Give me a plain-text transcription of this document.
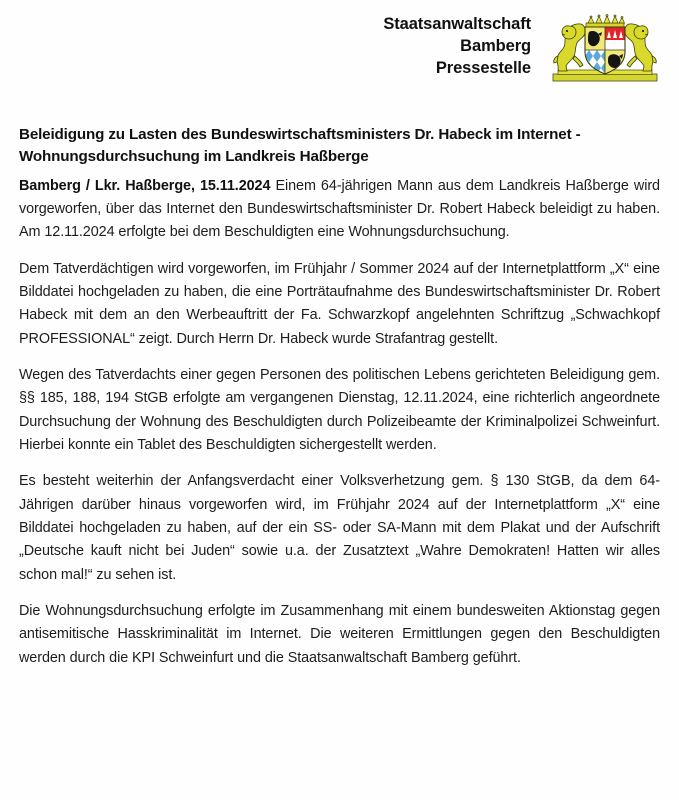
Staatsanwaltschaft
Bamberg
Pressestelle
Beleidigung zu Lasten des Bundeswirtschaftsministers Dr. Habeck im Internet - Wohnungsdurchsuchung im Landkreis Haßberge

Bamberg / Lkr. Haßberge, 15.11.2024 Einem 64-jährigen Mann aus dem Landkreis Haßberge wird vorgeworfen, über das Internet den Bundeswirtschaftsminister Dr. Robert Habeck beleidigt zu haben. Am 12.11.2024 erfolgte bei dem Beschuldigten eine Wohnungsdurchsuchung.

Dem Tatverdächtigen wird vorgeworfen, im Frühjahr / Sommer 2024 auf der Internetplattform „X“ eine Bilddatei hochgeladen zu haben, die eine Porträtaufnahme des Bundeswirtschaftsminister Dr. Robert Habeck mit dem an den Werbeauftritt der Fa. Schwarzkopf angelehnten Schriftzug „Schwachkopf PROFESSIONAL“ zeigt. Durch Herrn Dr. Habeck wurde Strafantrag gestellt.

Wegen des Tatverdachts einer gegen Personen des politischen Lebens gerichteten Beleidigung gem. §§ 185, 188, 194 StGB erfolgte am vergangenen Dienstag, 12.11.2024, eine richterlich angeordnete Durchsuchung der Wohnung des Beschuldigten durch Polizeibeamte der Kriminalpolizei Schweinfurt. Hierbei konnte ein Tablet des Beschuldigten sichergestellt werden.

Es besteht weiterhin der Anfangsverdacht einer Volksverhetzung gem. § 130 StGB, da dem 64-Jährigen darüber hinaus vorgeworfen wird, im Frühjahr 2024 auf der Internetplattform „X“ eine Bilddatei hochgeladen zu haben, auf der ein SS- oder SA-Mann mit dem Plakat und der Aufschrift „Deutsche kauft nicht bei Juden“ sowie u.a. der Zusatztext „Wahre Demokraten! Hatten wir alles schon mal!“ zu sehen ist.

Die Wohnungsdurchsuchung erfolgte im Zusammenhang mit einem bundesweiten Aktionstag gegen antisemitische Hasskriminalität im Internet. Die weiteren Ermittlungen gegen den Beschuldigten werden durch die KPI Schweinfurt und die Staatsanwaltschaft Bamberg geführt.
